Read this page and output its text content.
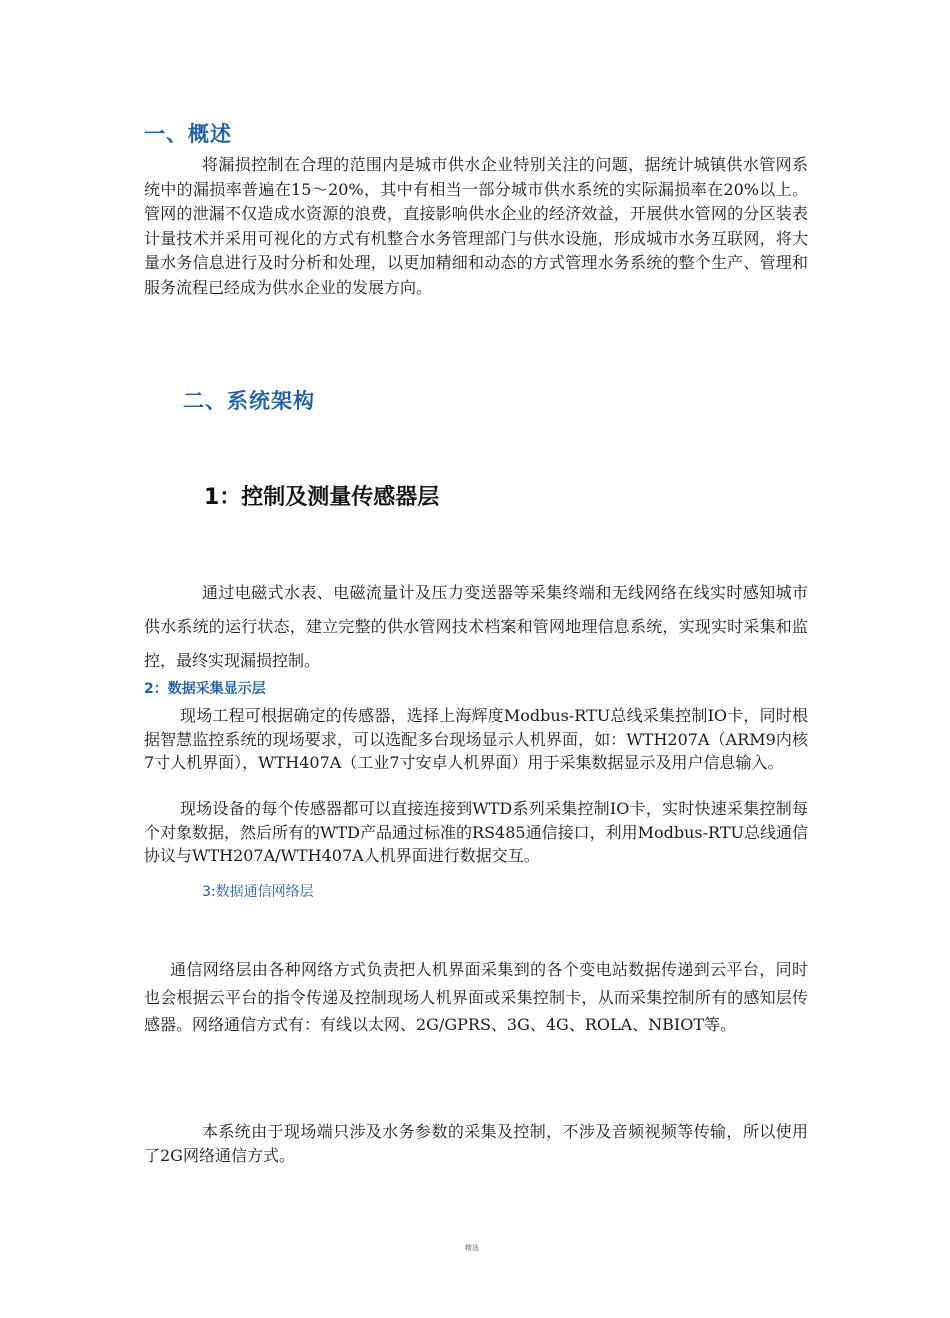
一、概述

将漏损控制在合理的范围内是城市供水企业特别关注的问题，据统计城镇供水管网系统中的漏损率普遍在15～20%，其中有相当一部分城市供水系统的实际漏损率在20%以上。管网的泄漏不仅造成水资源的浪费，直接影响供水企业的经济效益，开展供水管网的分区装表计量技术并采用可视化的方式有机整合水务管理部门与供水设施，形成城市水务互联网，将大量水务信息进行及时分析和处理，以更加精细和动态的方式管理水务系统的整个生产、管理和服务流程已经成为供水企业的发展方向。

二、系统架构
1：控制及测量传感器层

通过电磁式水表、电磁流量计及压力变送器等采集终端和无线网络在线实时感知城市供水系统的运行状态，建立完整的供水管网技术档案和管网地理信息系统，实现实时采集和监控，最终实现漏损控制。

2：数据采集显示层

现场工程可根据确定的传感器，选择上海辉度Modbus-RTU总线采集控制IO卡，同时根据智慧监控系统的现场要求，可以选配多台现场显示人机界面，如：WTH207A（ARM9内核7寸人机界面），WTH407A（工业7寸安卓人机界面）用于采集数据显示及用户信息输入。

现场设备的每个传感器都可以直接连接到WTD系列采集控制IO卡，实时快速采集控制每个对象数据，然后所有的WTD产品通过标准的RS485通信接口，利用Modbus-RTU总线通信协议与WTH207A/WTH407A人机界面进行数据交互。

3:数据通信网络层

通信网络层由各种网络方式负责把人机界面采集到的各个变电站数据传递到云平台，同时也会根据云平台的指令传递及控制现场人机界面或采集控制卡，从而采集控制所有的感知层传感器。网络通信方式有：有线以太网、2G/GPRS、3G、4G、ROLA、NBIOT等。

本系统由于现场端只涉及水务参数的采集及控制，不涉及音频视频等传输，所以使用了2G网络通信方式。

精选
